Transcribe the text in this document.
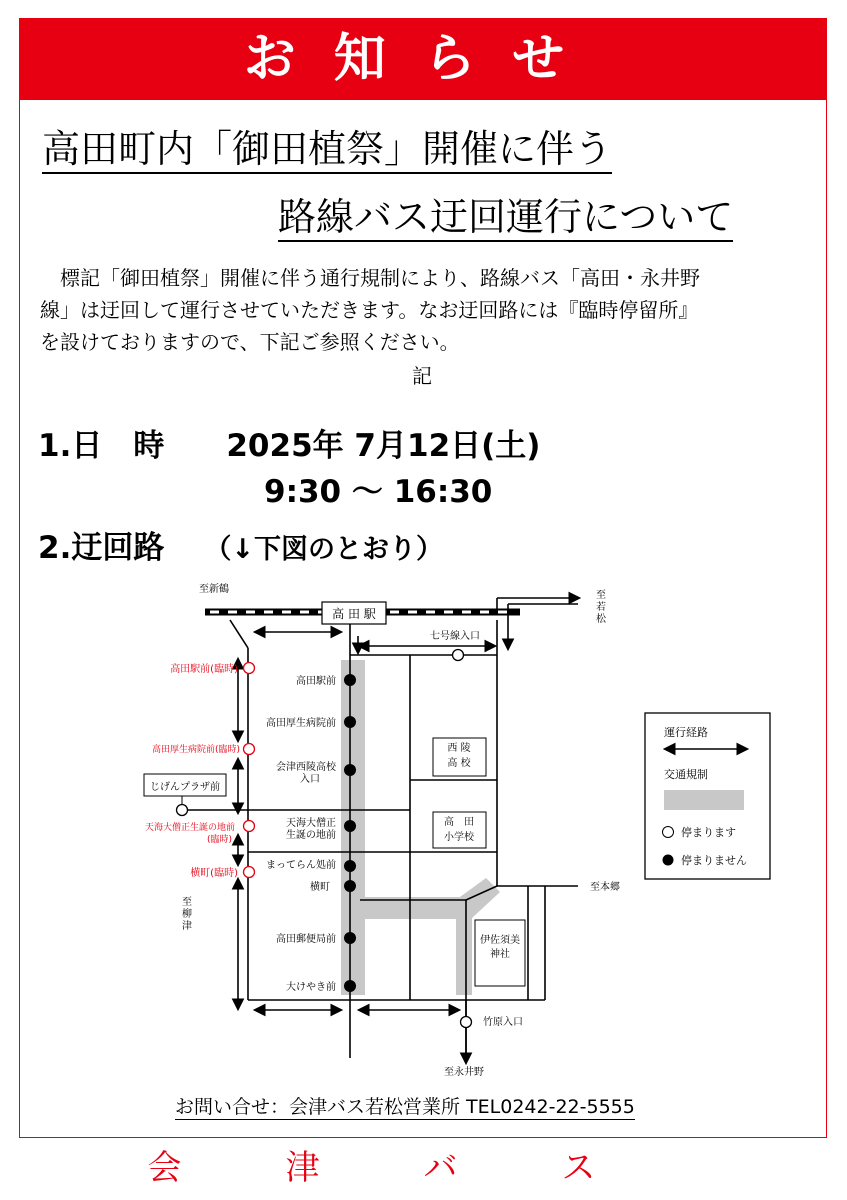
お知らせ
高田町内「御田植祭」開催に伴う
路線バス迂回運行について
　標記「御田植祭」開催に伴う通行規制により、路線バス「高田・永井野
線」は迂回して運行させていただきます。なお迂回路には『臨時停留所』
を設けておりますので、下記ご参照ください。
記
1.日　時 2025年 7月12日(土)
9:30 ～ 16:30
2.迂回路 （↓下図のとおり）
高 田 駅
至新鶴
至若松
七号線入口
至本郷
至柳津
至永井野
竹原入口
じげんプラザ前
西 陵高 校
高　田小学校
伊佐須美神社
高田駅前
高田厚生病院前
会津西陵高校入口
天海大僧正生誕の地前
まってらん処前
横町
高田郵便局前
大けやき前
高田駅前(臨時)
高田厚生病院前(臨時)
天海大僧正生誕の地前(臨時)
横町(臨時)
運行経路
交通規制
停まります
停まりません
お問い合せ：会津バス若松営業所 TEL0242-22-5555
会津バス
